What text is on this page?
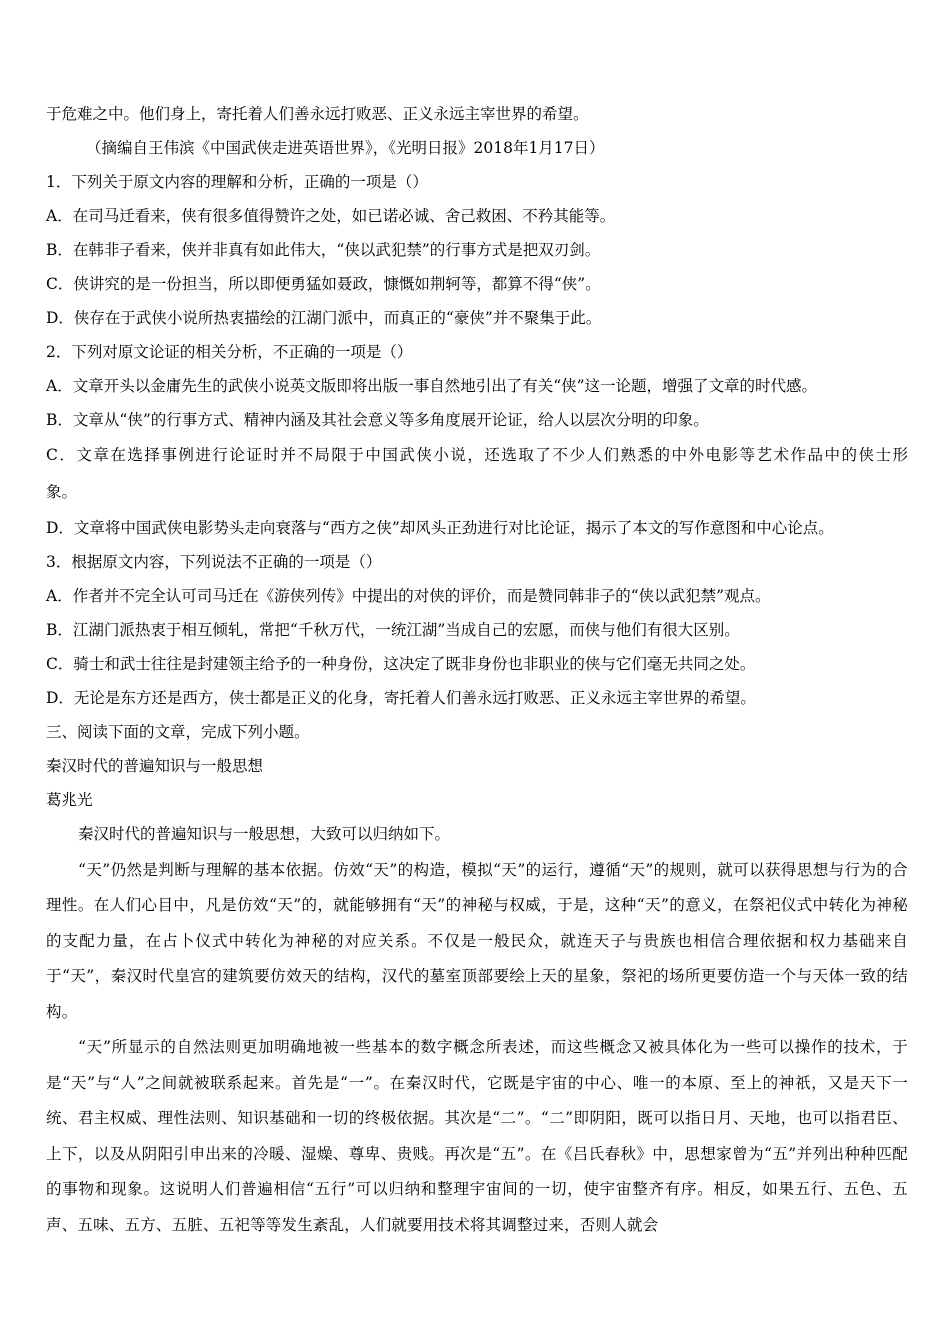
于危难之中。他们身上，寄托着人们善永远打败恶、正义永远主宰世界的希望。
（摘编自王伟滨《中国武侠走进英语世界》，《光明日报》2018年1月17日）
1．下列关于原文内容的理解和分析，正确的一项是（）
A．在司马迁看来，侠有很多值得赞许之处，如已诺必诚、舍己救困、不矜其能等。
B．在韩非子看来，侠并非真有如此伟大，“侠以武犯禁”的行事方式是把双刃剑。
C．侠讲究的是一份担当，所以即便勇猛如聂政，慷慨如荆轲等，都算不得“侠”。
D．侠存在于武侠小说所热衷描绘的江湖门派中，而真正的“豪侠”并不聚集于此。
2．下列对原文论证的相关分析，不正确的一项是（）
A．文章开头以金庸先生的武侠小说英文版即将出版一事自然地引出了有关“侠”这一论题，增强了文章的时代感。
B．文章从“侠”的行事方式、精神内涵及其社会意义等多角度展开论证，给人以层次分明的印象。
C．文章在选择事例进行论证时并不局限于中国武侠小说，还选取了不少人们熟悉的中外电影等艺术作品中的侠士形
象。
D．文章将中国武侠电影势头走向衰落与“西方之侠”却风头正劲进行对比论证，揭示了本文的写作意图和中心论点。
3．根据原文内容，下列说法不正确的一项是（）
A．作者并不完全认可司马迁在《游侠列传》中提出的对侠的评价，而是赞同韩非子的“侠以武犯禁”观点。
B．江湖门派热衷于相互倾轧，常把“千秋万代，一统江湖”当成自己的宏愿，而侠与他们有很大区别。
C．骑士和武士往往是封建领主给予的一种身份，这决定了既非身份也非职业的侠与它们毫无共同之处。
D．无论是东方还是西方，侠士都是正义的化身，寄托着人们善永远打败恶、正义永远主宰世界的希望。
三、阅读下面的文章，完成下列小题。
秦汉时代的普遍知识与一般思想
葛兆光
秦汉时代的普遍知识与一般思想，大致可以归纳如下。
“天”仍然是判断与理解的基本依据。仿效“天”的构造，模拟“天”的运行，遵循“天”的规则，就可以获得思想与行为的合理性。在人们心目中，凡是仿效“天”的，就能够拥有“天”的神秘与权威，于是，这种“天”的意义，在祭祀仪式中转化为神秘的支配力量，在占卜仪式中转化为神秘的对应关系。不仅是一般民众，就连天子与贵族也相信合理依据和权力基础来自于“天”，秦汉时代皇宫的建筑要仿效天的结构，汉代的墓室顶部要绘上天的星象，祭祀的场所更要仿造一个与天体一致的结构。
“天”所显示的自然法则更加明确地被一些基本的数字概念所表述，而这些概念又被具体化为一些可以操作的技术，于是“天”与“人”之间就被联系起来。首先是“一”。在秦汉时代，它既是宇宙的中心、唯一的本原、至上的神祇，又是天下一统、君主权威、理性法则、知识基础和一切的终极依据。其次是“二”。“二”即阴阳，既可以指日月、天地，也可以指君臣、上下，以及从阴阳引申出来的冷暖、湿燥、尊卑、贵贱。再次是“五”。在《吕氏春秋》中，思想家曾为“五”并列出种种匹配的事物和现象。这说明人们普遍相信“五行”可以归纳和整理宇宙间的一切，使宇宙整齐有序。相反，如果五行、五色、五声、五味、五方、五脏、五祀等等发生紊乱，人们就要用技术将其调整过来，否则人就会
